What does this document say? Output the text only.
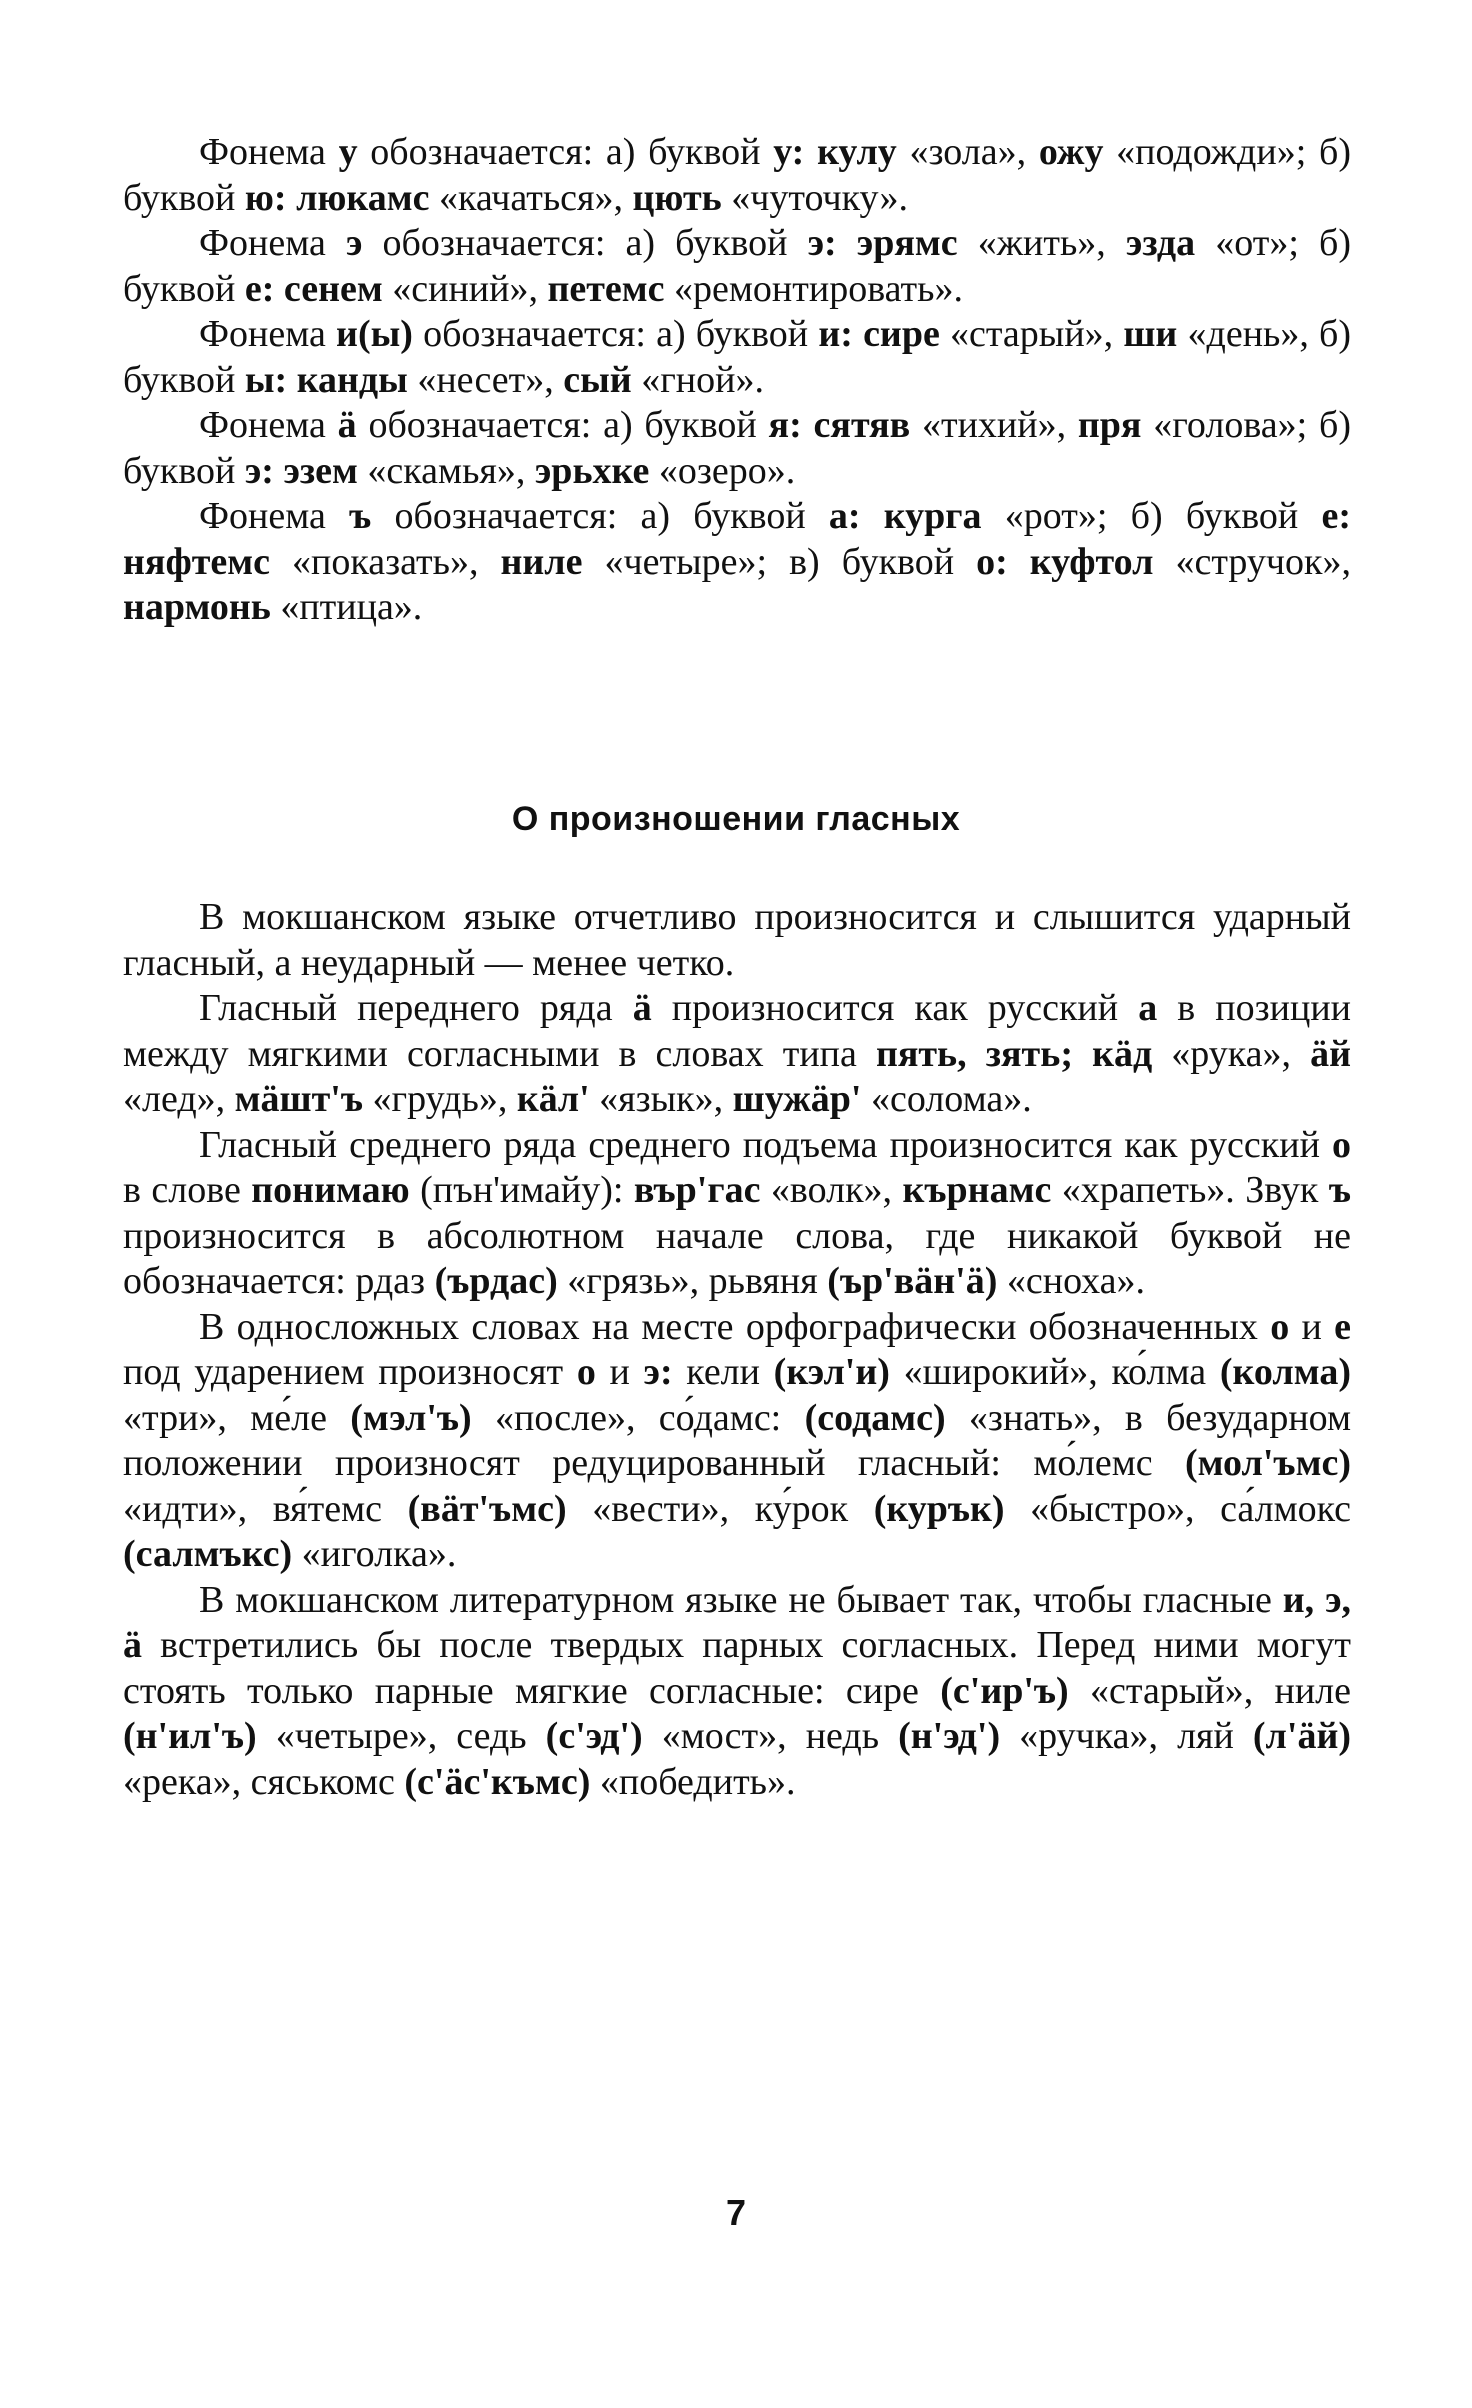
Фонема у обозначается: а) буквой у: кулу «зола», ожу «подожди»; б) буквой ю: люкамс «качаться», цють «чуточку».

Фонема э обозначается: а) буквой э: эрямс «жить», эзда «от»; б) буквой е: сенем «синий», петемс «ремонтировать».

Фонема и(ы) обозначается: а) буквой и: сире «старый», ши «день», б) буквой ы: канды «несет», сый «гной».

Фонема ä обозначается: а) буквой я: сятяв «тихий», пря «голова»; б) буквой э: эзем «скамья», эрьхке «озеро».

Фонема ъ обозначается: а) буквой а: курга «рот»; б) буквой е: няфтемс «показать», ниле «четыре»; в) буквой о: куфтол «стручок», нармонь «птица».

О произношении гласных

В мокшанском языке отчетливо произносится и слышится ударный гласный, а неударный — менее четко.

Гласный переднего ряда ä произносится как русский а в позиции между мягкими согласными в словах типа пять, зять; кäд «рука», äй «лед», мäшт'ъ «грудь», кäл' «язык», шужäр' «солома».

Гласный среднего ряда среднего подъема произносится как русский о в слове понимаю (пън'имайу): вър'гас «волк», кърнамс «храпеть». Звук ъ произносится в абсолютном начале слова, где никакой буквой не обозначается: рдаз (ърдас) «грязь», рьвяня (ър'вäн'ä) «сноха».

В односложных словах на месте орфографически обозначенных о и е под ударением произносят о и э: кели (кэл'и) «широкий», ко́лма (колма) «три», ме́ле (мэл'ъ) «после», со́дамс: (содамс) «знать», в безударном положении произносят редуцированный гласный: мо́лемс (мол'ъмс) «идти», вя́темс (вäт'ъмс) «вести», ку́рок (курък) «быстро», са́лмокс (салмъкс) «иголка».

В мокшанском литературном языке не бывает так, чтобы гласные и, э, ä встретились бы после твердых парных согласных. Перед ними могут стоять только парные мягкие согласные: сире (с'ир'ъ) «старый», ниле (н'ил'ъ) «четыре», седь (с'эд') «мост», недь (н'эд') «ручка», ляй (л'äй) «река», сяськомс (с'äс'къмс) «победить».

7
